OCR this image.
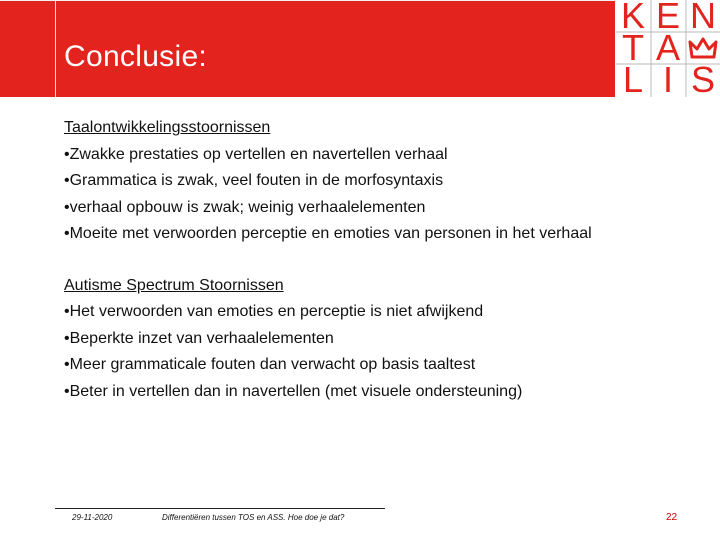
Conclusie:
K E N
T A
L I S
Taalontwikkelingsstoornissen
•Zwakke prestaties op vertellen en navertellen verhaal
•Grammatica is zwak, veel fouten in de morfosyntaxis
•verhaal opbouw is zwak; weinig verhaalelementen
•Moeite met verwoorden perceptie en emoties van personen in het verhaal
Autisme Spectrum Stoornissen
•Het verwoorden van emoties en perceptie is niet afwijkend
•Beperkte inzet van verhaalelementen
•Meer grammaticale fouten dan verwacht op basis taaltest
•Beter in vertellen dan in navertellen (met visuele ondersteuning)
29-11-2020	Differentiëren tussen TOS en ASS. Hoe doe je dat?	22
